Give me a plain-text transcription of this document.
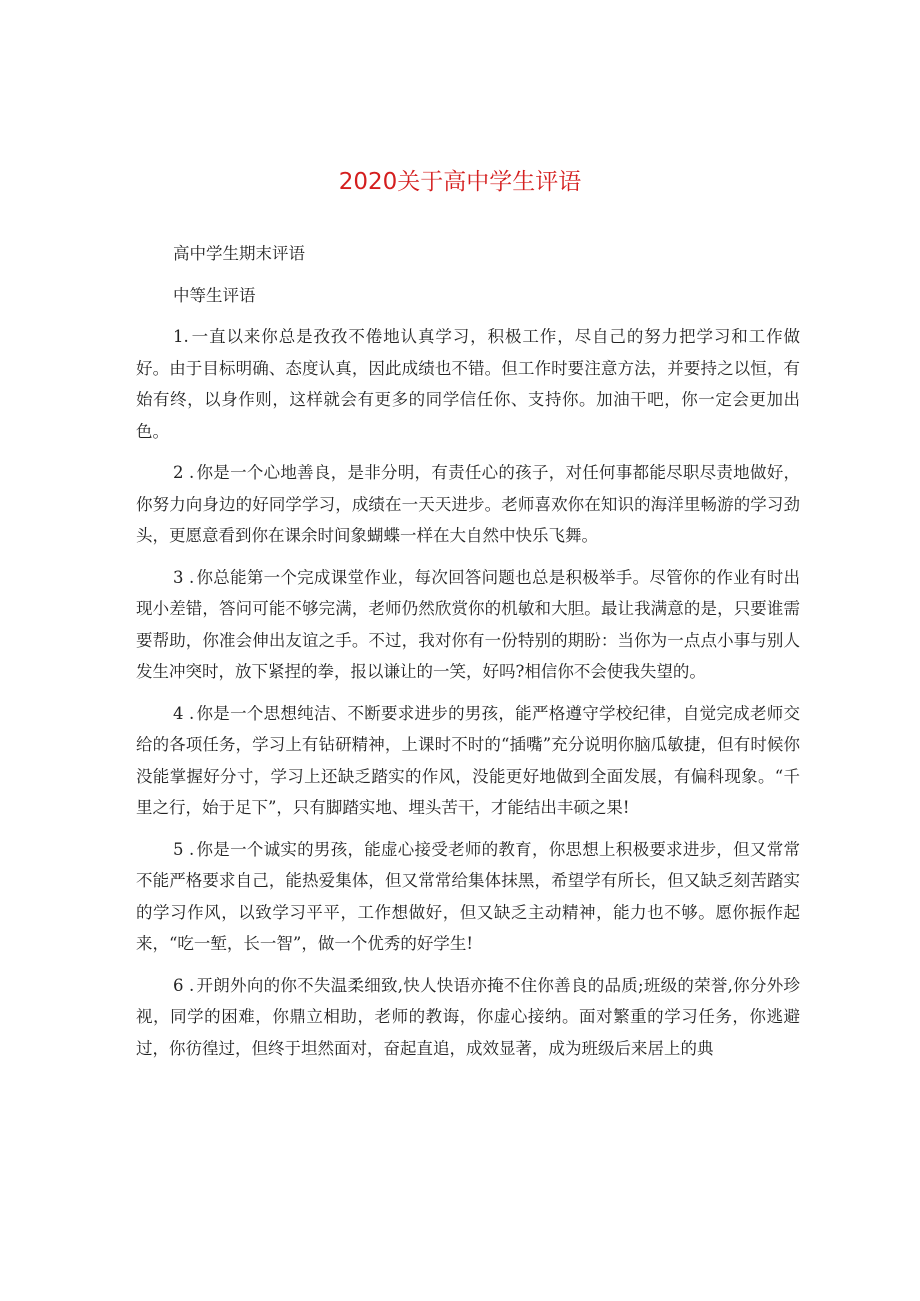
2020关于高中学生评语

高中学生期末评语

中等生评语

1. 一直以来你总是孜孜不倦地认真学习，积极工作，尽自己的努力把学习和工作做好。由于目标明确、态度认真，因此成绩也不错。但工作时要注意方法，并要持之以恒，有始有终，以身作则，这样就会有更多的同学信任你、支持你。加油干吧，你一定会更加出色。

2 . 你是一个心地善良，是非分明，有责任心的孩子，对任何事都能尽职尽责地做好，你努力向身边的好同学学习，成绩在一天天进步。老师喜欢你在知识的海洋里畅游的学习劲头，更愿意看到你在课余时间象蝴蝶一样在大自然中快乐飞舞。

3 . 你总能第一个完成课堂作业，每次回答问题也总是积极举手。尽管你的作业有时出现小差错，答问可能不够完满，老师仍然欣赏你的机敏和大胆。最让我满意的是，只要谁需要帮助，你准会伸出友谊之手。不过，我对你有一份特别的期盼：当你为一点点小事与别人发生冲突时，放下紧捏的拳，报以谦让的一笑，好吗?相信你不会使我失望的。

4 . 你是一个思想纯洁、不断要求进步的男孩，能严格遵守学校纪律，自觉完成老师交给的各项任务，学习上有钻研精神，上课时不时的“插嘴”充分说明你脑瓜敏捷，但有时候你没能掌握好分寸，学习上还缺乏踏实的作风，没能更好地做到全面发展，有偏科现象。“千里之行，始于足下”，只有脚踏实地、埋头苦干，才能结出丰硕之果!

5 . 你是一个诚实的男孩，能虚心接受老师的教育，你思想上积极要求进步，但又常常不能严格要求自己，能热爱集体，但又常常给集体抹黑，希望学有所长，但又缺乏刻苦踏实的学习作风，以致学习平平，工作想做好，但又缺乏主动精神，能力也不够。愿你振作起来，“吃一堑，长一智”，做一个优秀的好学生!

6 . 开朗外向的你不失温柔细致,快人快语亦掩不住你善良的品质;班级的荣誉,你分外珍视，同学的困难，你鼎立相助，老师的教诲，你虚心接纳。面对繁重的学习任务，你逃避过，你彷徨过，但终于坦然面对，奋起直追，成效显著，成为班级后来居上的典
